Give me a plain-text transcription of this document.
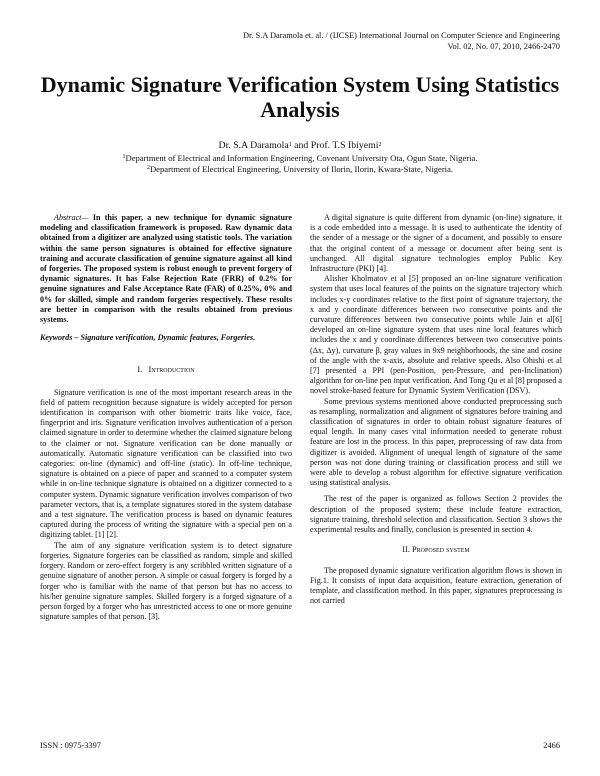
Dr. S.A Daramola et. al. / (IJCSE) International Journal on Computer Science and Engineering
Vol. 02, No. 07, 2010, 2466-2470
Dynamic Signature Verification System Using Statistics Analysis
Dr. S.A Daramola$^1$ and Prof. T.S Ibiyemi$^2$
$^1$Department of Electrical and Information Engineering, Covenant University Ota, Ogun State, Nigeria.
$^2$Department of Electrical Engineering, University of Ilorin, Ilorin, Kwara-State, Nigeria.

Abstract— In this paper, a new technique for dynamic signature modeling and classification framework is proposed. Raw dynamic data obtained from a digitizer are analyzed using statistic tools. The variation within the same person signatures is obtained for effective signature training and accurate classification of genuine signature against all kind of forgeries. The proposed system is robust enough to prevent forgery of dynamic signatures. It has False Rejection Rate (FRR) of 0.2% for genuine signatures and False Acceptance Rate (FAR) of 0.25%, 0% and 0% for skilled, simple and random forgeries respectively. These results are better in comparison with the results obtained from previous systems.

Keywords – Signature verification, Dynamic features, Forgeries.

I. Introduction

Signature verification is one of the most important research areas in the field of pattern recognition because signature is widely accepted for person identification in comparison with other biometric traits like voice, face, fingerprint and iris. Signature verification involves authentication of a person claimed signature in order to determine whether the claimed signature belong to the claimer or not. Signature verification can be done manually or automatically. Automatic signature verification can be classified into two categories: on-line (dynamic) and off-line (static). In off-line technique, signature is obtained on a piece of paper and scanned to a computer system while in on-line technique signature is obtained on a digitizer connected to a computer system. Dynamic signature verification involves comparison of two parameter vectors, that is, a template signatures stored in the system database and a test signature. The verification process is based on dynamic features captured during the process of writing the signature with a special pen on a digitizing tablet. [1] [2].

The aim of any signature verification system is to detect signature forgeries. Signature forgeries can be classified as random, simple and skilled forgery. Random or zero-effect forgery is any scribbled written signature of a genuine signature of another person. A simple or casual forgery is forged by a forger who is familiar with the name of that person but has no access to his/her genuine signature samples. Skilled forgery is a forged signature of a person forged by a forger who has unrestricted access to one or more genuine signature samples of that person. [3].

A digital signature is quite different from dynamic (on-line) signature, it is a code embedded into a message. It is used to authenticate the identity of the sender of a message or the signer of a document, and possibly to ensure that the original content of a message or document after being sent is unchanged. All digital signature technologies employ Public Key Infrastructure (PKI) [4].

Alisher Kholmatov et al [5] proposed an on-line signature verification system that uses local features of the points on the signature trajectory which includes x-y coordinates relative to the first point of signature trajectory, the x and y coordinate differences between two consecutive points and the curvature differences between two consecutive points while Jain et al[6] developed an on-line signature system that uses nine local features which includes the x and y coordinate differences between two consecutive points (Δx, Δy), curvature β, gray values in 9x9 neighborhoods, the sine and cosine of the angle with the x-axis, absolute and relative speeds. Also Ohishi et al [7] presented a PPI (pen-Position, pen-Pressure, and pen-Inclination) algorithm for on-line pen input verification. And Tong Qu et al [8] proposed a novel stroke-based feature for Dynamic System Verification (DSV).

Some previous systems mentioned above conducted preprocessing such as resampling, normalization and alignment of signatures before training and classification of signatures in order to obtain robust signature features of equal length. In many cases vital information needed to generate robust feature are lost in the process. In this paper, preprocessing of raw data from digitizer is avoided. Alignment of unequal length of signature of the same person was not done during training or classification process and still we were able to develop a robust algorithm for effective signature verification using statistical analysis.

The rest of the paper is organized as follows Section 2 provides the description of the proposed system; these include feature extraction, signature training, threshold selection and classification. Section 3 shows the experimental results and finally, conclusion is presented in section 4.

II. Proposed system

The proposed dynamic signature verification algorithm flows is shown in Fig.1. It consists of input data acquisition, feature extraction, generation of template, and classification method. In this paper, signatures preprocessing is not carried

ISSN : 0975-3397	2466
